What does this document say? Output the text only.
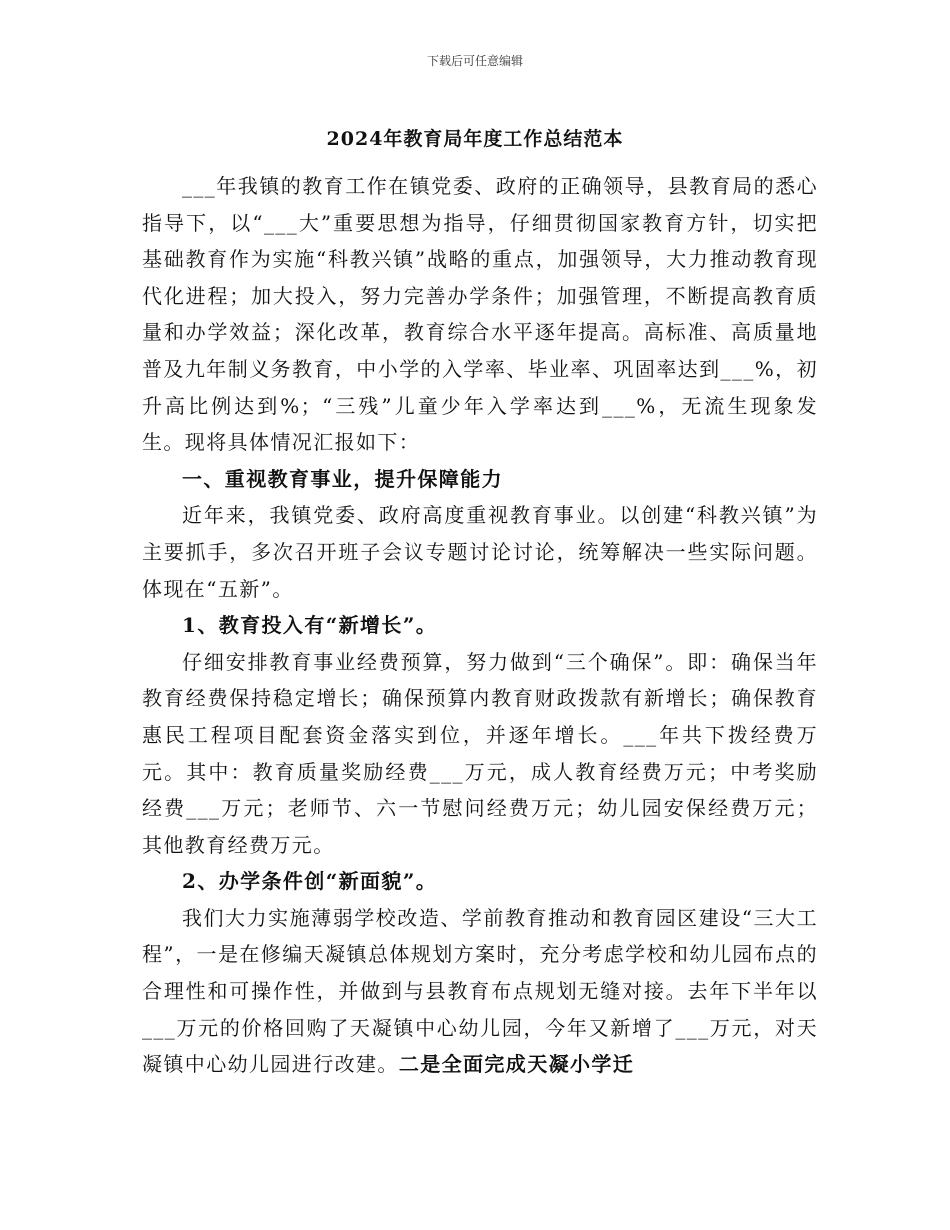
下载后可任意编辑
2024年教育局年度工作总结范本

___年我镇的教育工作在镇党委、政府的正确领导，县教育局的悉心指导下，以“___大”重要思想为指导，仔细贯彻国家教育方针，切实把基础教育作为实施“科教兴镇”战略的重点，加强领导，大力推动教育现代化进程；加大投入，努力完善办学条件；加强管理，不断提高教育质量和办学效益；深化改革，教育综合水平逐年提高。高标准、高质量地普及九年制义务教育，中小学的入学率、毕业率、巩固率达到___%，初升高比例达到%；“三残”儿童少年入学率达到___%，无流生现象发生。现将具体情况汇报如下：

一、重视教育事业，提升保障能力

近年来，我镇党委、政府高度重视教育事业。以创建“科教兴镇”为主要抓手，多次召开班子会议专题讨论讨论，统筹解决一些实际问题。体现在“五新”。

1、教育投入有“新增长”。

仔细安排教育事业经费预算，努力做到“三个确保”。即：确保当年教育经费保持稳定增长；确保预算内教育财政拨款有新增长；确保教育惠民工程项目配套资金落实到位，并逐年增长。___年共下拨经费万元。其中：教育质量奖励经费___万元，成人教育经费万元；中考奖励经费___万元；老师节、六一节慰问经费万元；幼儿园安保经费万元；其他教育经费万元。

2、办学条件创“新面貌”。

我们大力实施薄弱学校改造、学前教育推动和教育园区建设“三大工程”，一是在修编天凝镇总体规划方案时，充分考虑学校和幼儿园布点的合理性和可操作性，并做到与县教育布点规划无缝对接。去年下半年以___万元的价格回购了天凝镇中心幼儿园，今年又新增了___万元，对天凝镇中心幼儿园进行改建。二是全面完成天凝小学迁
